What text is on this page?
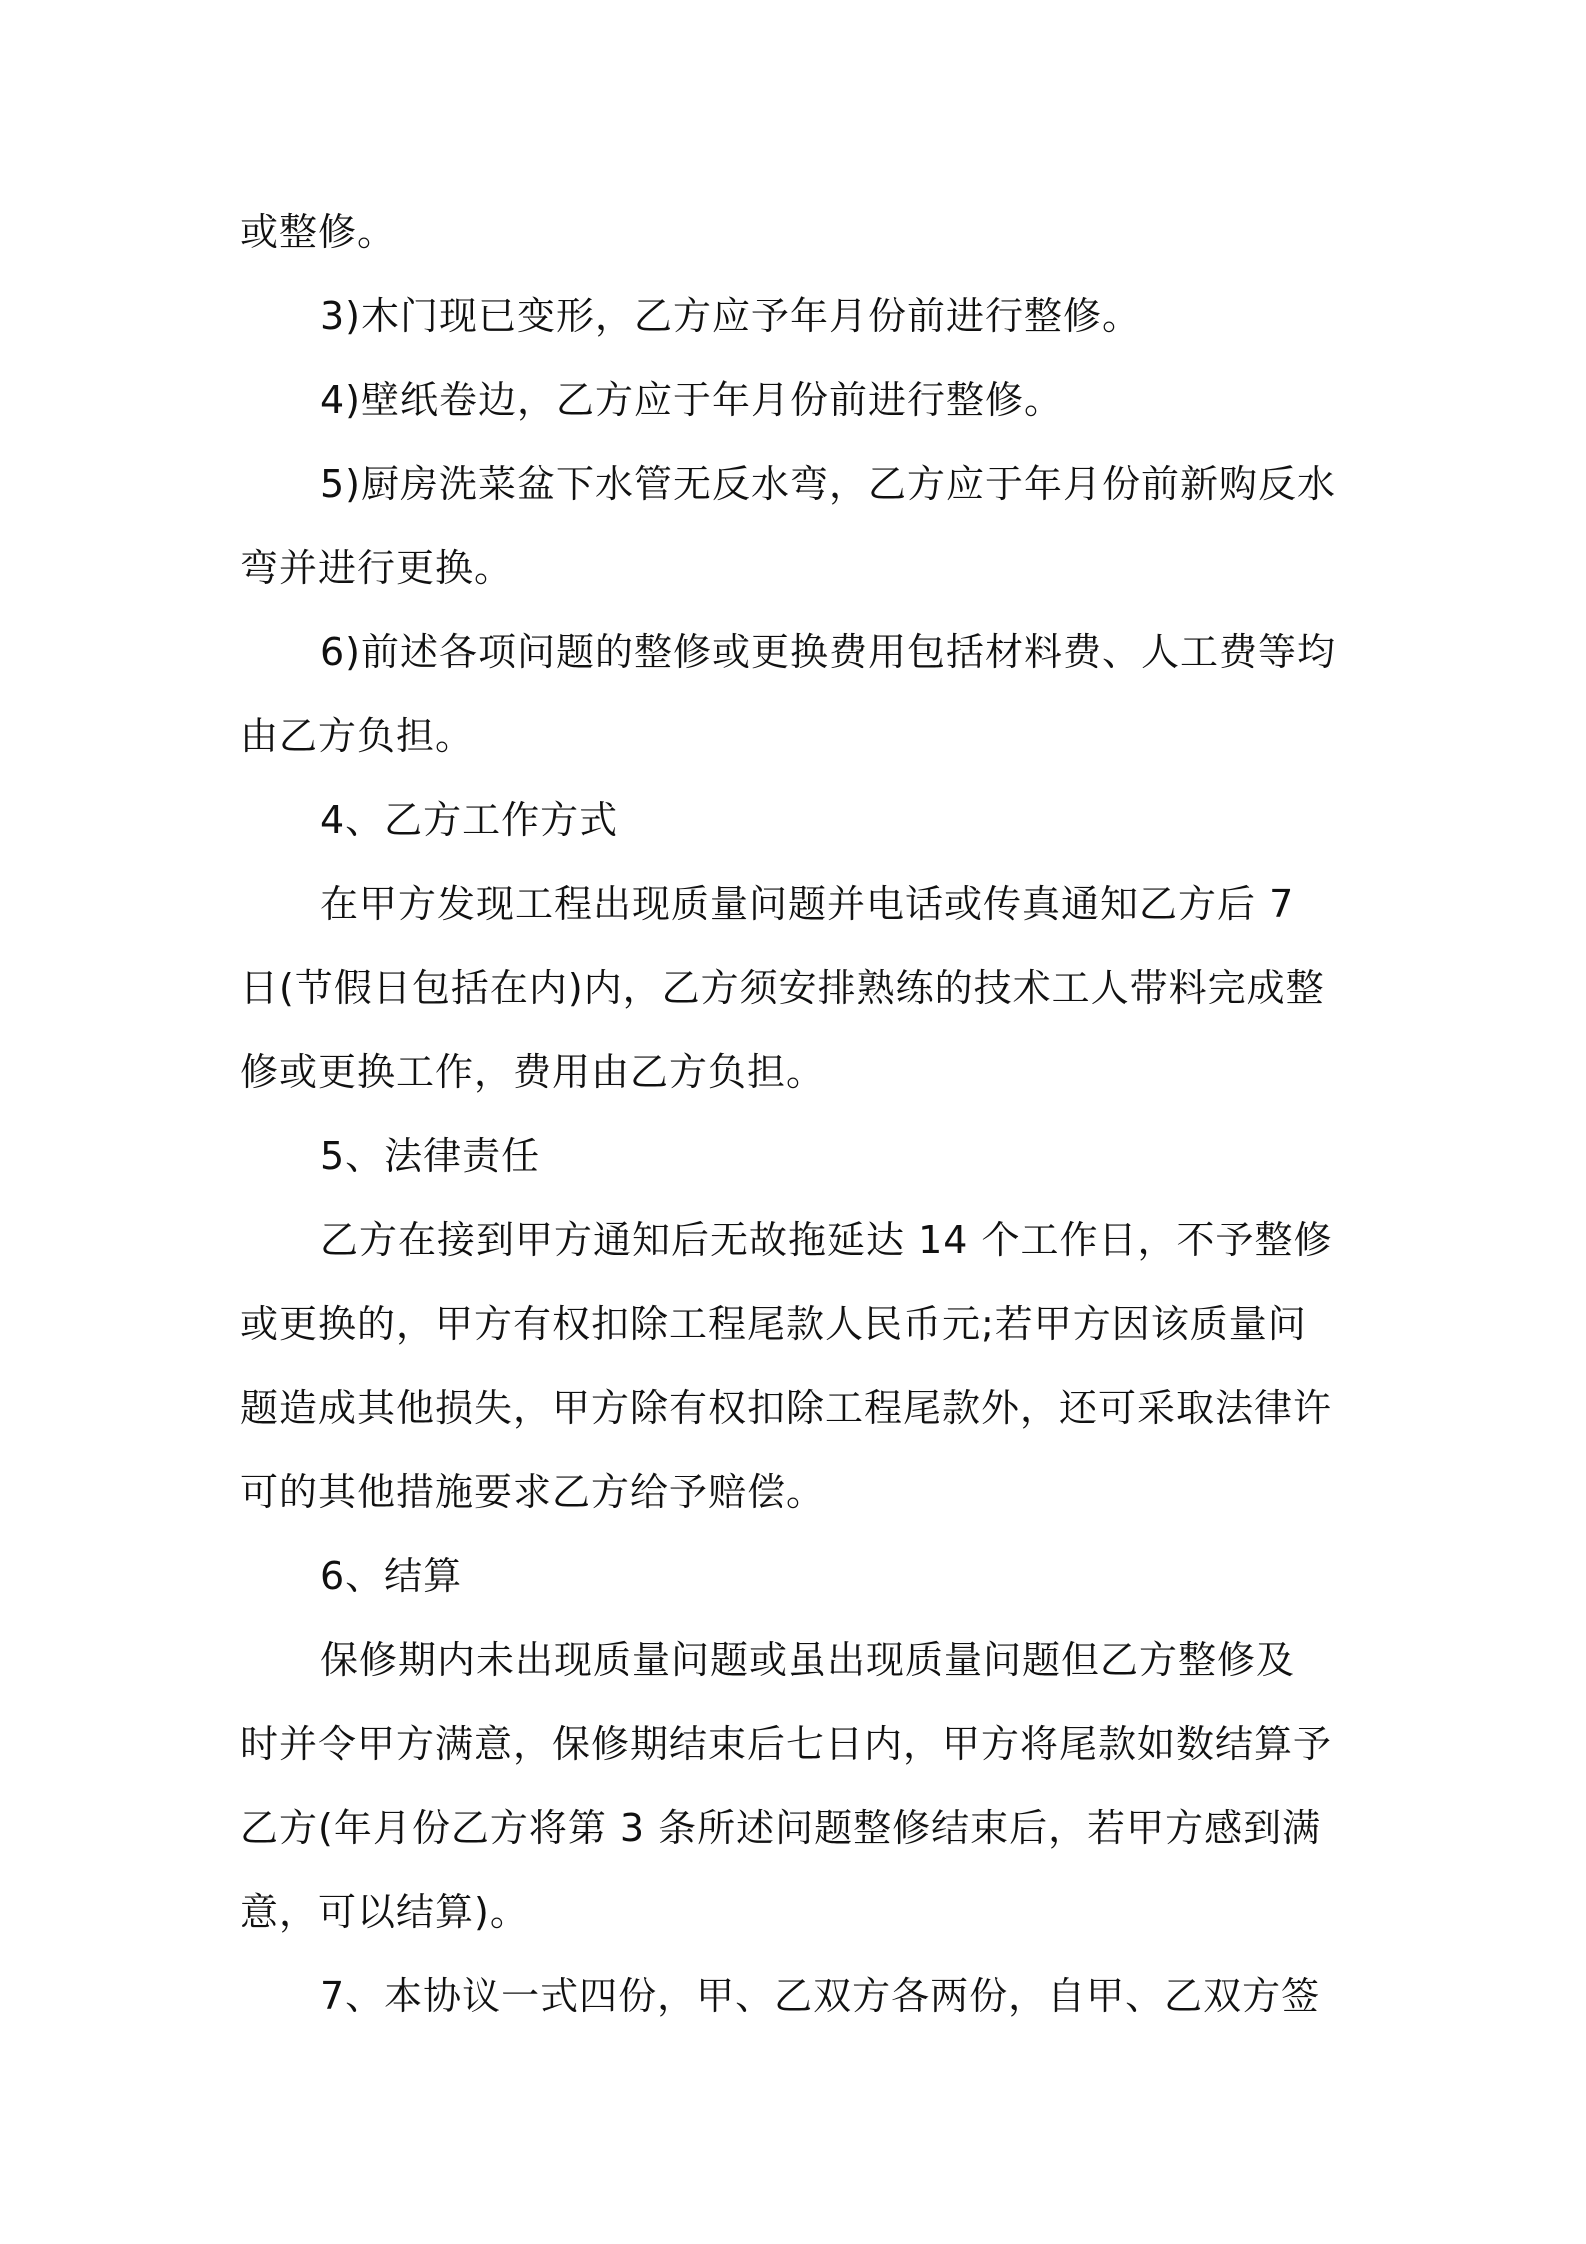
或整修。
3)木门现已变形，乙方应予年月份前进行整修。
4)壁纸卷边，乙方应于年月份前进行整修。
5)厨房洗菜盆下水管无反水弯，乙方应于年月份前新购反水
弯并进行更换。
6)前述各项问题的整修或更换费用包括材料费、人工费等均
由乙方负担。
4、乙方工作方式
在甲方发现工程出现质量问题并电话或传真通知乙方后 7
日(节假日包括在内)内，乙方须安排熟练的技术工人带料完成整
修或更换工作，费用由乙方负担。
5、法律责任
乙方在接到甲方通知后无故拖延达 14 个工作日，不予整修
或更换的，甲方有权扣除工程尾款人民币元;若甲方因该质量问
题造成其他损失，甲方除有权扣除工程尾款外，还可采取法律许
可的其他措施要求乙方给予赔偿。
6、结算
保修期内未出现质量问题或虽出现质量问题但乙方整修及
时并令甲方满意，保修期结束后七日内，甲方将尾款如数结算予
乙方(年月份乙方将第 3 条所述问题整修结束后，若甲方感到满
意，可以结算)。
7、本协议一式四份，甲、乙双方各两份，自甲、乙双方签
